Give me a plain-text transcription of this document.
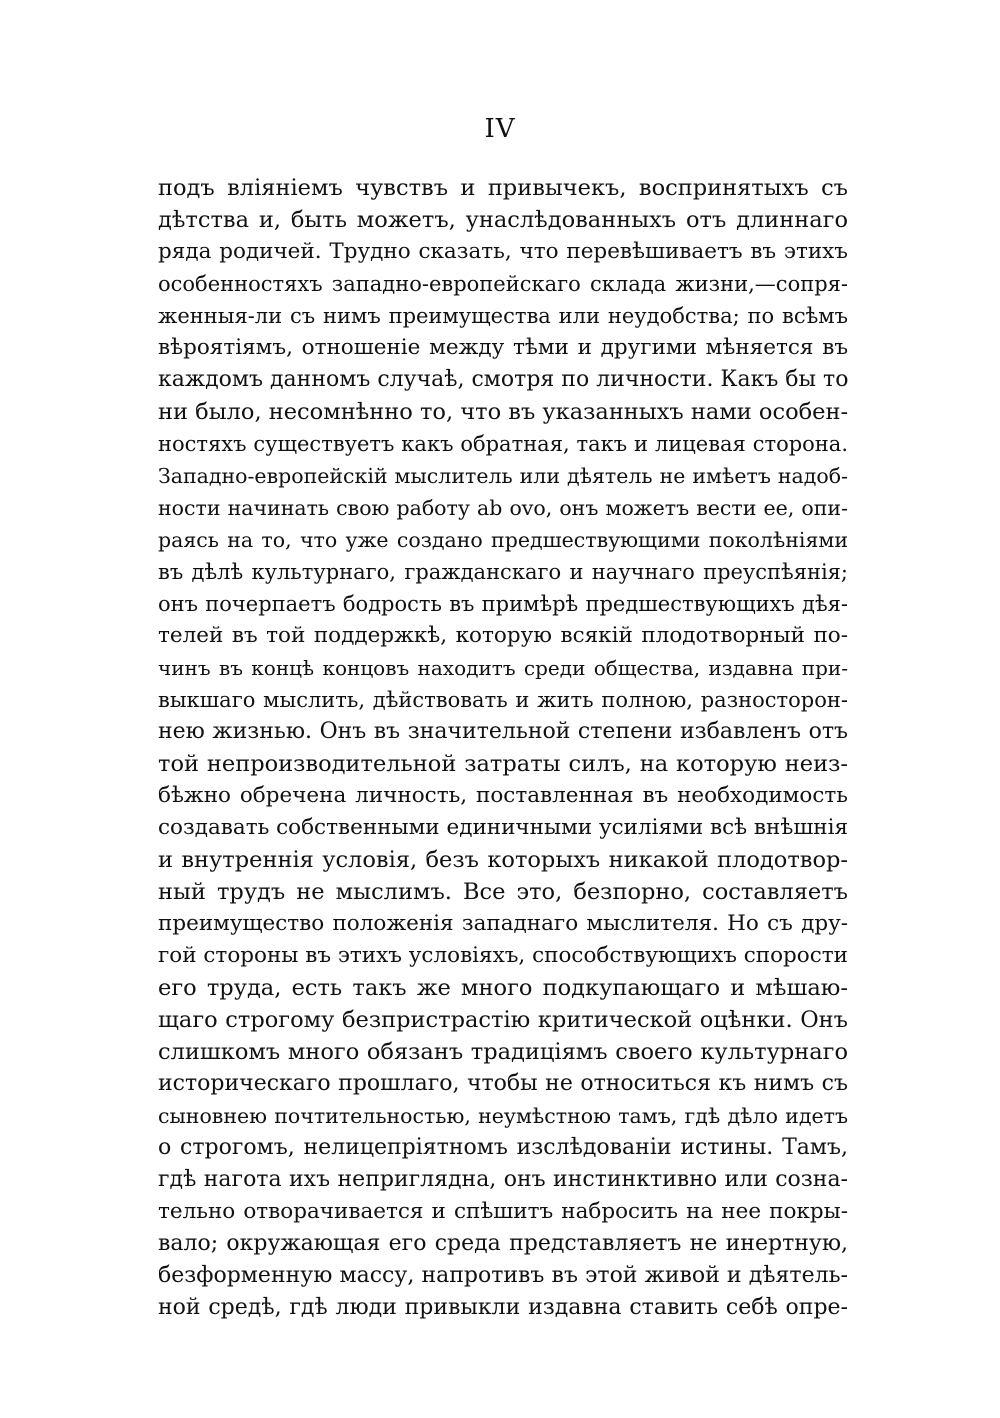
IV
подъ влiянiемъ чувствъ и привычекъ, воспринятыхъ съ
дѣтства и, быть можетъ, унаслѣдованныхъ отъ длиннаго
ряда родичей. Трудно сказать, что перевѣшиваетъ въ этихъ
особенностяхъ западно-европейскаго склада жизни,—сопря-
женныя-ли съ нимъ преимущества или неудобства; по всѣмъ
вѣроятiямъ, отношенiе между тѣми и другими мѣняется въ
каждомъ данномъ случаѣ, смотря по личности. Какъ бы то
ни было, несомнѣнно то, что въ указанныхъ нами особен-
ностяхъ существуетъ какъ обратная, такъ и лицевая сторона.
Западно-европейскiй мыслитель или дѣятель не имѣетъ надоб-
ности начинать свою работу ab ovo, онъ можетъ вести ее, опи-
раясь на то, что уже создано предшествующими поколѣнiями
въ дѣлѣ культурнаго, гражданскаго и научнаго преуспѣянiя;
онъ почерпаетъ бодрость въ примѣрѣ предшествующихъ дѣя-
телей въ той поддержкѣ, которую всякiй плодотворный по-
чинъ въ концѣ концовъ находитъ среди общества, издавна при-
выкшаго мыслить, дѣйствовать и жить полною, разносторон-
нею жизнью. Онъ въ значительной степени избавленъ отъ
той непроизводительной затраты силъ, на которую неиз-
бѣжно обречена личность, поставленная въ необходимость
создавать собственными единичными усилiями всѣ внѣшнiя
и внутреннiя условiя, безъ которыхъ никакой плодотвор-
ный трудъ не мыслимъ. Все это, безпорно, составляетъ
преимущество положенiя западнаго мыслителя. Но съ дру-
гой стороны въ этихъ условiяхъ, способствующихъ спорости
его труда, есть такъ же много подкупающаго и мѣшаю-
щаго строгому безпристрастiю критической оцѣнки. Онъ
слишкомъ много обязанъ традицiямъ своего культурнаго
историческаго прошлаго, чтобы не относиться къ нимъ съ
сыновнею почтительностью, неумѣстною тамъ, гдѣ дѣло идетъ
о строгомъ, нелицепрiятномъ изслѣдованiи истины. Тамъ,
гдѣ нагота ихъ непригляднa, онъ инстинктивно или созна-
тельно отворачивается и спѣшитъ набросить на нее покры-
вало; окружающая его среда представляетъ не инертную,
безформенную массу, напротивъ въ этой живой и дѣятель-
ной средѣ, гдѣ люди привыкли издавна ставить себѣ опре-
